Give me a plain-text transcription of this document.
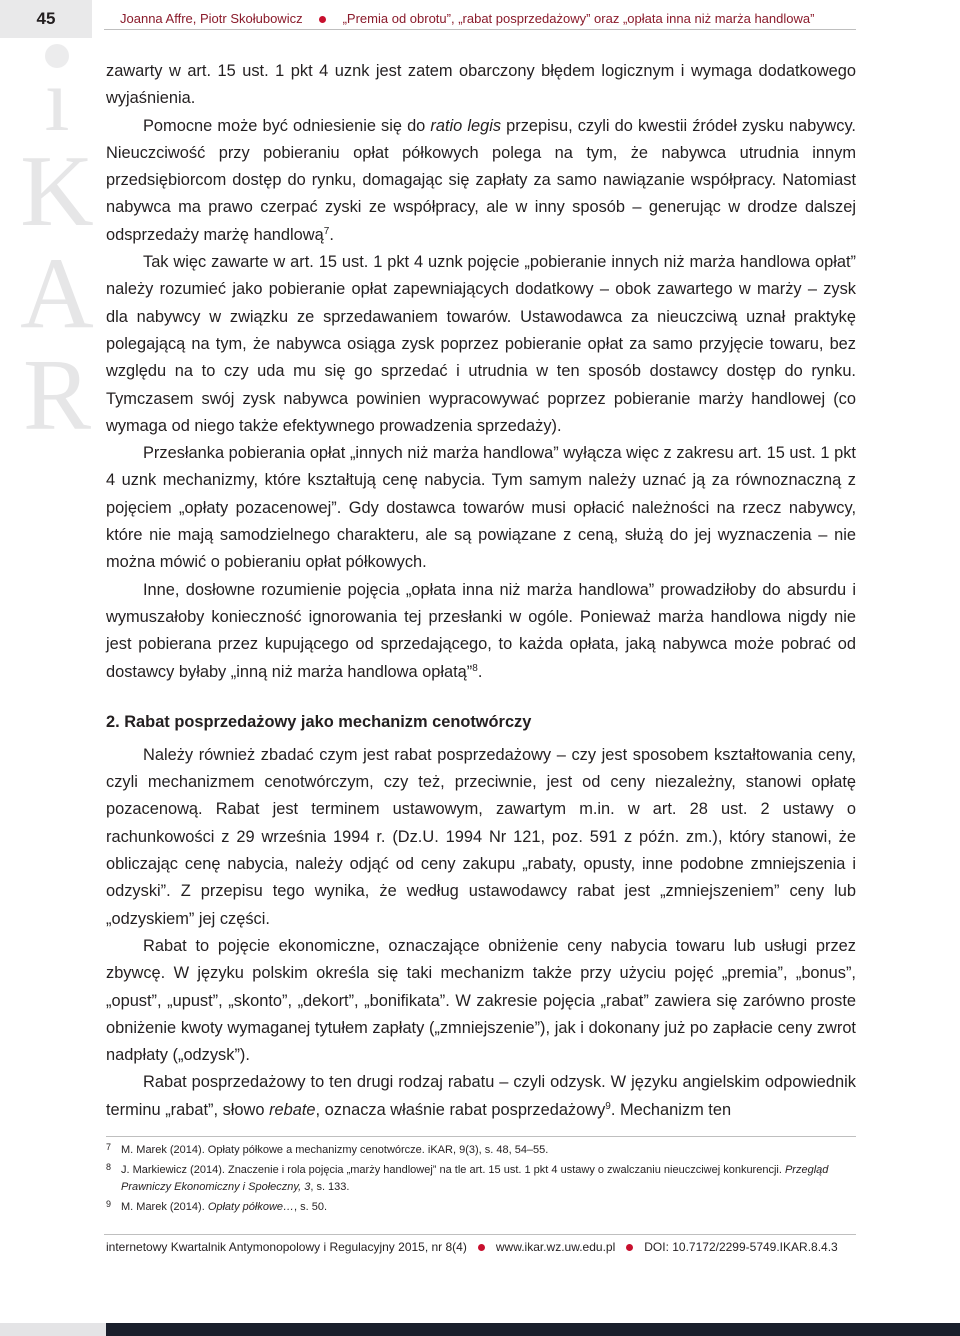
45	Joanna Affre, Piotr Skołubowicz	„Premia od obrotu”, „rabat posprzedażowy” oraz „opłata inna niż marża handlowa”
ı
K
A
R

zawarty w art. 15 ust. 1 pkt 4 uznk jest zatem obarczony błędem logicznym i wymaga dodatkowego wyjaśnienia.

Pomocne może być odniesienie się do ratio legis przepisu, czyli do kwestii źródeł zysku nabywcy. Nieuczciwość przy pobieraniu opłat półkowych polega na tym, że nabywca utrudnia innym przedsiębiorcom dostęp do rynku, domagając się zapłaty za samo nawiązanie współpracy. Natomiast nabywca ma prawo czerpać zyski ze współpracy, ale w inny sposób – generując w drodze dalszej odsprzedaży marżę handlową$^7$.

Tak więc zawarte w art. 15 ust. 1 pkt 4 uznk pojęcie „pobieranie innych niż marża handlowa opłat” należy rozumieć jako pobieranie opłat zapewniających dodatkowy – obok zawartego w marży – zysk dla nabywcy w związku ze sprzedawaniem towarów. Ustawodawca za nieuczciwą uznał praktykę polegającą na tym, że nabywca osiąga zysk poprzez pobieranie opłat za samo przyjęcie towaru, bez względu na to czy uda mu się go sprzedać i utrudnia w ten sposób dostawcy dostęp do rynku. Tymczasem swój zysk nabywca powinien wypracowywać poprzez pobieranie marży handlowej (co wymaga od niego także efektywnego prowadzenia sprzedaży).

Przesłanka pobierania opłat „innych niż marża handlowa” wyłącza więc z zakresu art. 15 ust. 1 pkt 4 uznk mechanizmy, które kształtują cenę nabycia. Tym samym należy uznać ją za równoznaczną z pojęciem „opłaty pozacenowej”. Gdy dostawca towarów musi opłacić należności na rzecz nabywcy, które nie mają samodzielnego charakteru, ale są powiązane z ceną, służą do jej wyznaczenia – nie można mówić o pobieraniu opłat półkowych.

Inne, dosłowne rozumienie pojęcia „opłata inna niż marża handlowa” prowadziłoby do absurdu i wymuszałoby konieczność ignorowania tej przesłanki w ogóle. Ponieważ marża handlowa nigdy nie jest pobierana przez kupującego od sprzedającego, to każda opłata, jaką nabywca może pobrać od dostawcy byłaby „inną niż marża handlowa opłatą”$^8$.

2. Rabat posprzedażowy jako mechanizm cenotwórczy

Należy również zbadać czym jest rabat posprzedażowy – czy jest sposobem kształtowania ceny, czyli mechanizmem cenotwórczym, czy też, przeciwnie, jest od ceny niezależny, stanowi opłatę pozacenową. Rabat jest terminem ustawowym, zawartym m.in. w art. 28 ust. 2 ustawy o rachunkowości z 29 września 1994 r. (Dz.U. 1994 Nr 121, poz. 591 z późn. zm.), który stanowi, że obliczając cenę nabycia, należy odjąć od ceny zakupu „rabaty, opusty, inne podobne zmniejszenia i odzyski”. Z przepisu tego wynika, że według ustawodawcy rabat jest „zmniejszeniem” ceny lub „odzyskiem” jej części.

Rabat to pojęcie ekonomiczne, oznaczające obniżenie ceny nabycia towaru lub usługi przez zbywcę. W języku polskim określa się taki mechanizm także przy użyciu pojęć „premia”, „bonus”, „opust”, „upust”, „skonto”, „dekort”, „bonifikata”. W zakresie pojęcia „rabat” zawiera się zarówno proste obniżenie kwoty wymaganej tytułem zapłaty („zmniejszenie”), jak i dokonany już po zapłacie ceny zwrot nadpłaty („odzysk”).

Rabat posprzedażowy to ten drugi rodzaj rabatu – czyli odzysk. W języku angielskim odpowiednik terminu „rabat”, słowo rebate, oznacza właśnie rabat posprzedażowy$^9$. Mechanizm ten

7 M. Marek (2014). Opłaty półkowe a mechanizmy cenotwórcze. iKAR, 9(3), s. 48, 54–55.
8 J. Markiewicz (2014). Znaczenie i rola pojęcia „marży handlowej” na tle art. 15 ust. 1 pkt 4 ustawy o zwalczaniu nieuczciwej konkurencji. Przegląd Prawniczy Ekonomiczny i Społeczny, 3, s. 133.
9 M. Marek (2014). Opłaty półkowe…, s. 50.
internetowy Kwartalnik Antymonopolowy i Regulacyjny 2015, nr 8(4) www.ikar.wz.uw.edu.pl DOI: 10.7172/2299-5749.IKAR.8.4.3
